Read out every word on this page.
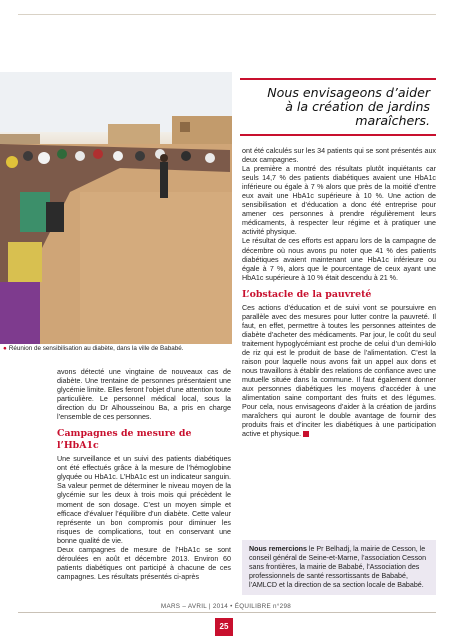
● Réunion de sensibilisation au diabète, dans la ville de Bababé.
Nous envisageons d’aider
à la création de jardins
maraîchers.

avons détecté une vingtaine de nouveaux cas de diabète. Une trentaine de personnes présentaient une glycémie limite. Elles feront l’objet d’une attention toute particulière. Le personnel médical local, sous la direction du Dr Alhousseinou Ba, a pris en charge l’ensemble de ces personnes.

Campagnes de mesure de l’HbA1c

Une surveillance et un suivi des patients diabétiques ont été effectués grâce à la mesure de l’hémoglobine glyquée ou HbA1c. L’HbA1c est un indicateur sanguin. Sa valeur permet de déterminer le niveau moyen de la glycémie sur les deux à trois mois qui précèdent le moment de son dosage. C’est un moyen simple et efficace d’évaluer l’équilibre d’un diabète. Cette valeur représente un bon compromis pour diminuer les risques de complications, tout en conservant une bonne qualité de vie.

Deux campagnes de mesure de l’HbA1c se sont déroulées en août et décembre 2013. Environ 60 patients diabétiques ont participé à chacune de ces campagnes. Les résultats présentés ci-après

ont été calculés sur les 34 patients qui se sont présentés aux deux campagnes.

La première a montré des résultats plutôt inquiétants car seuls 14,7 % des patients diabétiques avaient une HbA1c inférieure ou égale à 7 % alors que près de la moitié d’entre eux avait une HbA1c supérieure à 10 %. Une action de sensibilisation et d’éducation a donc été entreprise pour amener ces personnes à prendre régulièrement leurs médicaments, à respecter leur régime et à pratiquer une activité physique.

Le résultat de ces efforts est apparu lors de la campagne de décembre où nous avons pu noter que 41 % des patients diabétiques avaient maintenant une HbA1c inférieure ou égale à 7 %, alors que le pourcentage de ceux ayant une HbA1c supérieure à 10 % était descendu à 21 %.

L’obstacle de la pauvreté

Ces actions d’éducation et de suivi vont se poursuivre en parallèle avec des mesures pour lutter contre la pauvreté. Il faut, en effet, permettre à toutes les personnes atteintes de diabète d’acheter des médicaments. Par jour, le coût du seul traitement hypoglycémiant est proche de celui d’un demi-kilo de riz qui est le produit de base de l’alimentation. C’est la raison pour laquelle nous avons fait un appel aux dons et nous travaillons à établir des relations de confiance avec une mutuelle située dans la commune. Il faut également donner aux personnes diabétiques les moyens d’accéder à une alimentation saine comportant des fruits et des légumes. Pour cela, nous envisageons d’aider à la création de jardins maraîchers qui auront le double avantage de fournir des produits frais et d’inciter les diabétiques à une participation active et physique.

Nous remercions le Pr Belhadj, la mairie de Cesson, le conseil général de Seine-et-Marne, l’association Cesson sans frontières, la mairie de Bababé, l’Association des professionnels de santé ressortissants de Bababé, l’AMLCD et la direction de sa section locale de Bababé.
MARS – AVRIL | 2014 • ÉQUILIBRE n°298
25
